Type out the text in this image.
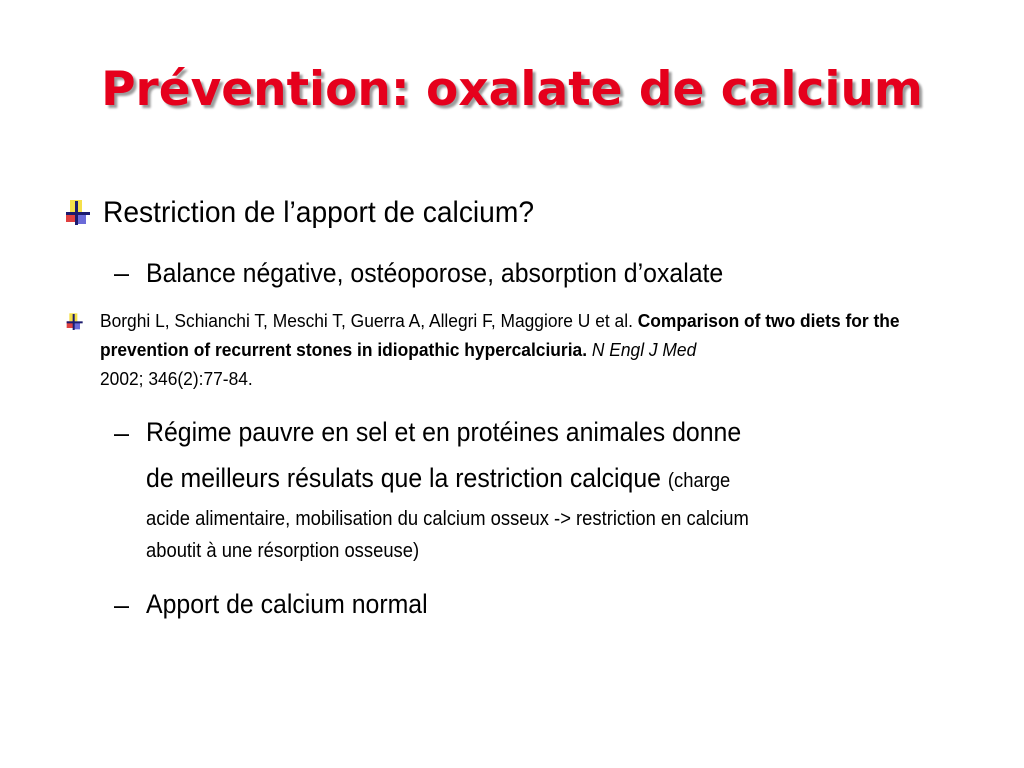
Prévention: oxalate de calcium
Restriction de l’apport de calcium?
– Balance négative, ostéoporose, absorption d’oxalate
Borghi L, Schianchi T, Meschi T, Guerra A, Allegri F, Maggiore U et al. Comparison of two diets for the prevention of recurrent stones in idiopathic hypercalciuria. N Engl J Med
2002; 346(2):77-84.
– Régime pauvre en sel et en protéines animales donne
de meilleurs résulats que la restriction calcique (charge
acide alimentaire, mobilisation du calcium osseux -> restriction en calcium
aboutit à une résorption osseuse)
– Apport de calcium normal
